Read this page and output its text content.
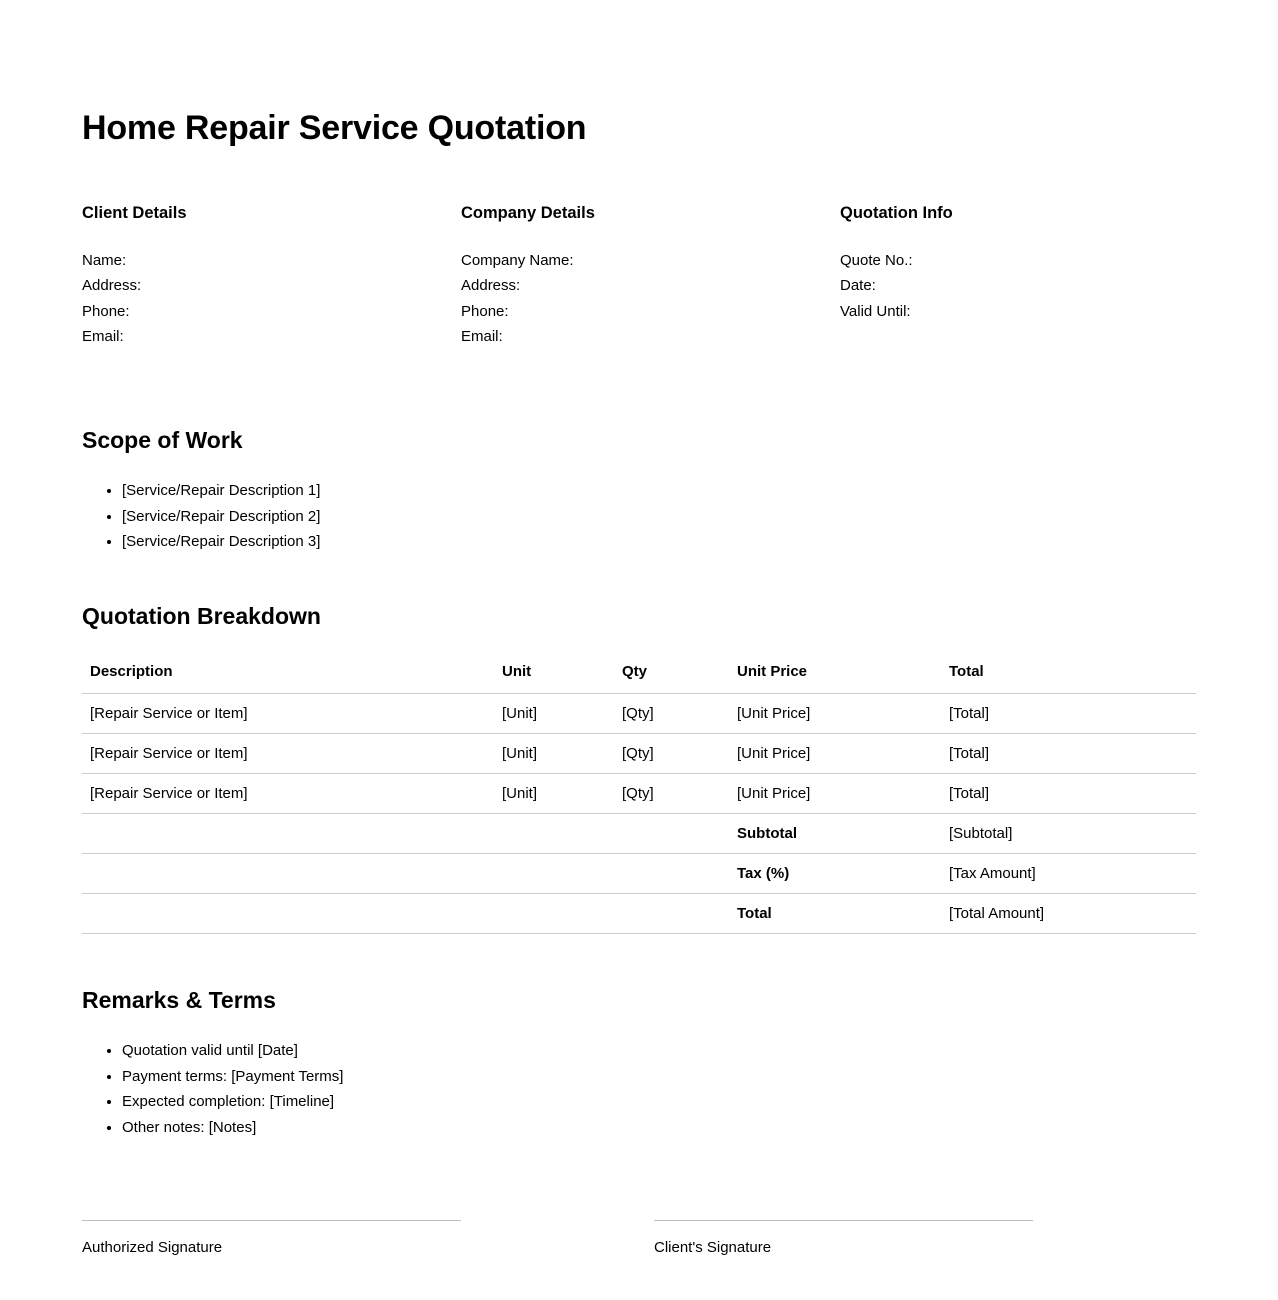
Home Repair Service Quotation
Client Details
Name:
Address:
Phone:
Email:
Company Details
Company Name:
Address:
Phone:
Email:
Quotation Info
Quote No.:
Date:
Valid Until:
Scope of Work
• [Service/Repair Description 1]
• [Service/Repair Description 2]
• [Service/Repair Description 3]
Quotation Breakdown
Description	Unit	Qty	Unit Price	Total
[Repair Service or Item]	[Unit]	[Qty]	[Unit Price]	[Total]
[Repair Service or Item]	[Unit]	[Qty]	[Unit Price]	[Total]
[Repair Service or Item]	[Unit]	[Qty]	[Unit Price]	[Total]
			Subtotal	[Subtotal]
			Tax (%)	[Tax Amount]
			Total	[Total Amount]
Remarks & Terms
• Quotation valid until [Date]
• Payment terms: [Payment Terms]
• Expected completion: [Timeline]
• Other notes: [Notes]
Authorized Signature	Client's Signature
